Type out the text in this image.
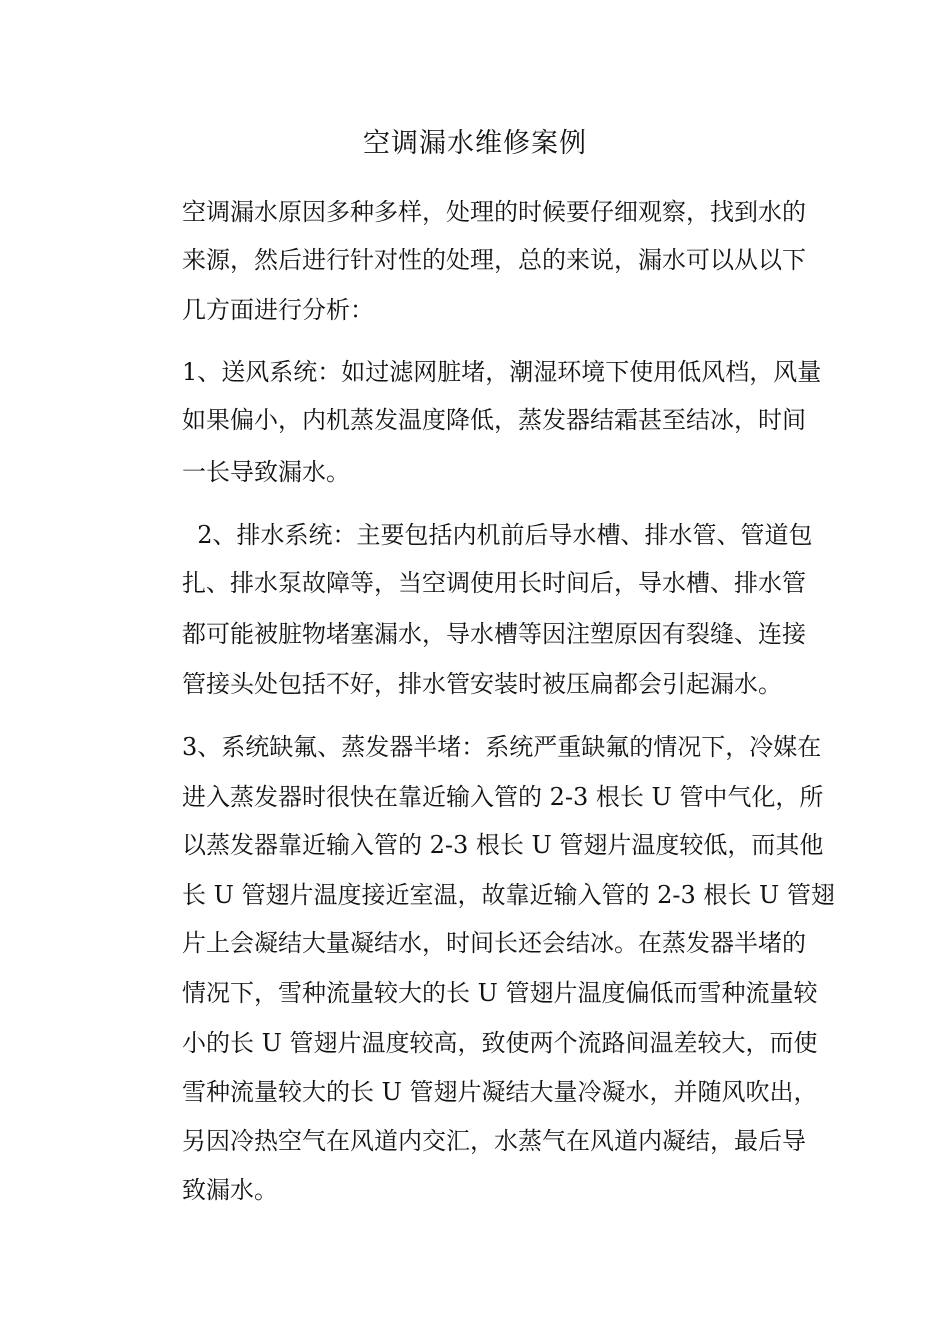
空调漏水维修案例
空调漏水原因多种多样，处理的时候要仔细观察，找到水的
来源，然后进行针对性的处理，总的来说，漏水可以从以下
几方面进行分析：
1、送风系统：如过滤网脏堵，潮湿环境下使用低风档，风量
如果偏小，内机蒸发温度降低，蒸发器结霜甚至结冰，时间
一长导致漏水。
2、排水系统：主要包括内机前后导水槽、排水管、管道包
扎、排水泵故障等，当空调使用长时间后，导水槽、排水管
都可能被脏物堵塞漏水，导水槽等因注塑原因有裂缝、连接
管接头处包括不好，排水管安装时被压扁都会引起漏水。
3、系统缺氟、蒸发器半堵：系统严重缺氟的情况下，冷媒在
进入蒸发器时很快在靠近输入管的 2-3 根长 U 管中气化，所
以蒸发器靠近输入管的 2-3 根长 U 管翅片温度较低，而其他
长 U 管翅片温度接近室温，故靠近输入管的 2-3 根长 U 管翅
片上会凝结大量凝结水，时间长还会结冰。在蒸发器半堵的
情况下，雪种流量较大的长 U 管翅片温度偏低而雪种流量较
小的长 U 管翅片温度较高，致使两个流路间温差较大，而使
雪种流量较大的长 U 管翅片凝结大量冷凝水，并随风吹出，
另因冷热空气在风道内交汇，水蒸气在风道内凝结，最后导
致漏水。
